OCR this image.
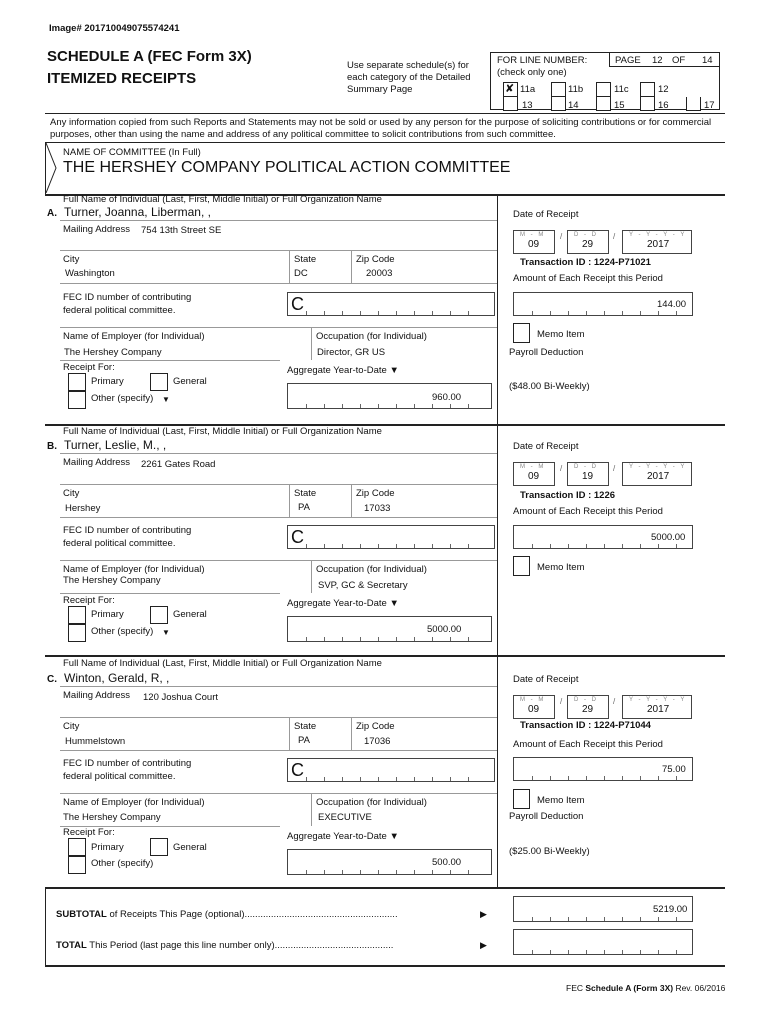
Image# 201710049075574241
SCHEDULE A (FEC Form 3X)
ITEMIZED RECEIPTS
Use separate schedule(s) for each category of the Detailed Summary Page
FOR LINE NUMBER:
(check only one)
PAGE 12 OF 14
✘ 11a	11b	11c	12
13	14	15	16	17
Any information copied from such Reports and Statements may not be sold or used by any person for the purpose of soliciting contributions or for commercial purposes, other than using the name and address of any political committee to solicit contributions from such committee.
NAME OF COMMITTEE (In Full)
THE HERSHEY COMPANY POLITICAL ACTION COMMITTEE
Full Name of Individual (Last, First, Middle Initial) or Full Organization Name
A. Turner, Joanna, Liberman, ,
Mailing Address 754 13th Street SE
City
Washington
State
DC
Zip Code
20003
FEC ID number of contributing
federal political committee.	C
Name of Employer (for Individual)
The Hershey Company
Occupation (for Individual)
Director, GR US
Receipt For:
Primary	General
Other (specify) ▼
Aggregate Year-to-Date ▼
960.00
Date of Receipt
M - M
09
/ D - D
29
/ Y - Y - Y - Y
2017
Transaction ID : 1224-P71021
Amount of Each Receipt this Period
144.00
Memo Item
Payroll Deduction
($48.00 Bi-Weekly)
Full Name of Individual (Last, First, Middle Initial) or Full Organization Name
B. Turner, Leslie, M., ,
Mailing Address 2261 Gates Road
City
Hershey
State
PA
Zip Code
17033
FEC ID number of contributing
federal political committee.	C
Name of Employer (for Individual)
The Hershey Company
Occupation (for Individual)
SVP, GC & Secretary
Receipt For:
Primary	General
Other (specify) ▼
Aggregate Year-to-Date ▼
5000.00
Date of Receipt
M - M
09
/ D - D
19
/ Y - Y - Y - Y
2017
Transaction ID : 1226
Amount of Each Receipt this Period
5000.00
Memo Item
Full Name of Individual (Last, First, Middle Initial) or Full Organization Name
C. Winton, Gerald, R, ,
Mailing Address 120 Joshua Court
City
Hummelstown
State
PA
Zip Code
17036
FEC ID number of contributing
federal political committee.	C
Name of Employer (for Individual)
The Hershey Company
Occupation (for Individual)
EXECUTIVE
Receipt For:
Primary	General
Other (specify)
Aggregate Year-to-Date ▼
500.00
Date of Receipt
M - M
09
/ D - D
29
/ Y - Y - Y - Y
2017
Transaction ID : 1224-P71044
Amount of Each Receipt this Period
75.00
Memo Item
Payroll Deduction
($25.00 Bi-Weekly)
SUBTOTAL of Receipts This Page (optional)..........................................................	▶	5219.00
TOTAL This Period (last page this line number only).............................................	▶
FEC Schedule A (Form 3X) Rev. 06/2016
